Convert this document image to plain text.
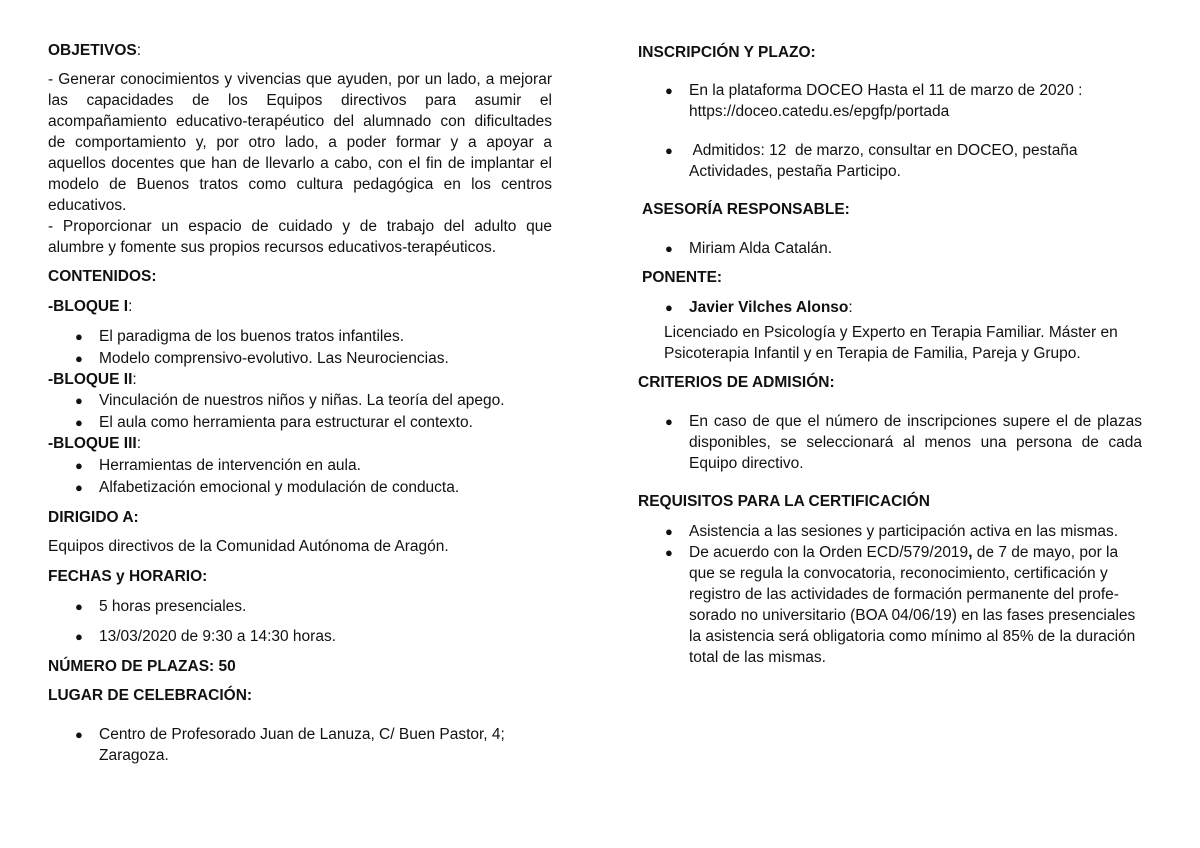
OBJETIVOS:
- Generar conocimientos y vivencias que ayuden, por un lado, a mejorar
las capacidades de los Equipos directivos para asumir el
acompañamiento educativo-terapéutico del alumnado con dificultades
de comportamiento y, por otro lado, a poder formar y a apoyar a
aquellos docentes que han de llevarlo a cabo, con el fin de implantar el
modelo de Buenos tratos como cultura pedagógica en los centros
educativos.
- Proporcionar un espacio de cuidado y de trabajo del adulto que
alumbre y fomente sus propios recursos educativos-terapéuticos.
CONTENIDOS:
-BLOQUE I:
● El paradigma de los buenos tratos infantiles.
● Modelo comprensivo-evolutivo. Las Neurociencias.
-BLOQUE II:
● Vinculación de nuestros niños y niñas. La teoría del apego.
● El aula como herramienta para estructurar el contexto.
-BLOQUE III:
● Herramientas de intervención en aula.
● Alfabetización emocional y modulación de conducta.
DIRIGIDO A:
Equipos directivos de la Comunidad Autónoma de Aragón.
FECHAS y HORARIO:
● 5 horas presenciales.
● 13/03/2020 de 9:30 a 14:30 horas.
NÚMERO DE PLAZAS: 50
LUGAR DE CELEBRACIÓN:
● Centro de Profesorado Juan de Lanuza, C/ Buen Pastor, 4;
Zaragoza.
INSCRIPCIÓN Y PLAZO:
● En la plataforma DOCEO Hasta el 11 de marzo de 2020 :
https://doceo.catedu.es/epgfp/portada
● Admitidos: 12  de marzo, consultar en DOCEO, pestaña
Actividades, pestaña Participo.
ASESORÍA RESPONSABLE:
● Miriam Alda Catalán.
PONENTE:
● Javier Vilches Alonso:
Licenciado en Psicología y Experto en Terapia Familiar. Máster en
Psicoterapia Infantil y en Terapia de Familia, Pareja y Grupo.
CRITERIOS DE ADMISIÓN:
● En caso de que el número de inscripciones supere el de plazas
disponibles, se seleccionará al menos una persona de cada
Equipo directivo.
REQUISITOS PARA LA CERTIFICACIÓN
● Asistencia a las sesiones y participación activa en las mismas.
● De acuerdo con la Orden ECD/579/2019, de 7 de mayo, por la
que se regula la convocatoria, reconocimiento, certificación y
registro de las actividades de formación permanente del profe-
sorado no universitario (BOA 04/06/19) en las fases presenciales
la asistencia será obligatoria como mínimo al 85% de la duración
total de las mismas.
